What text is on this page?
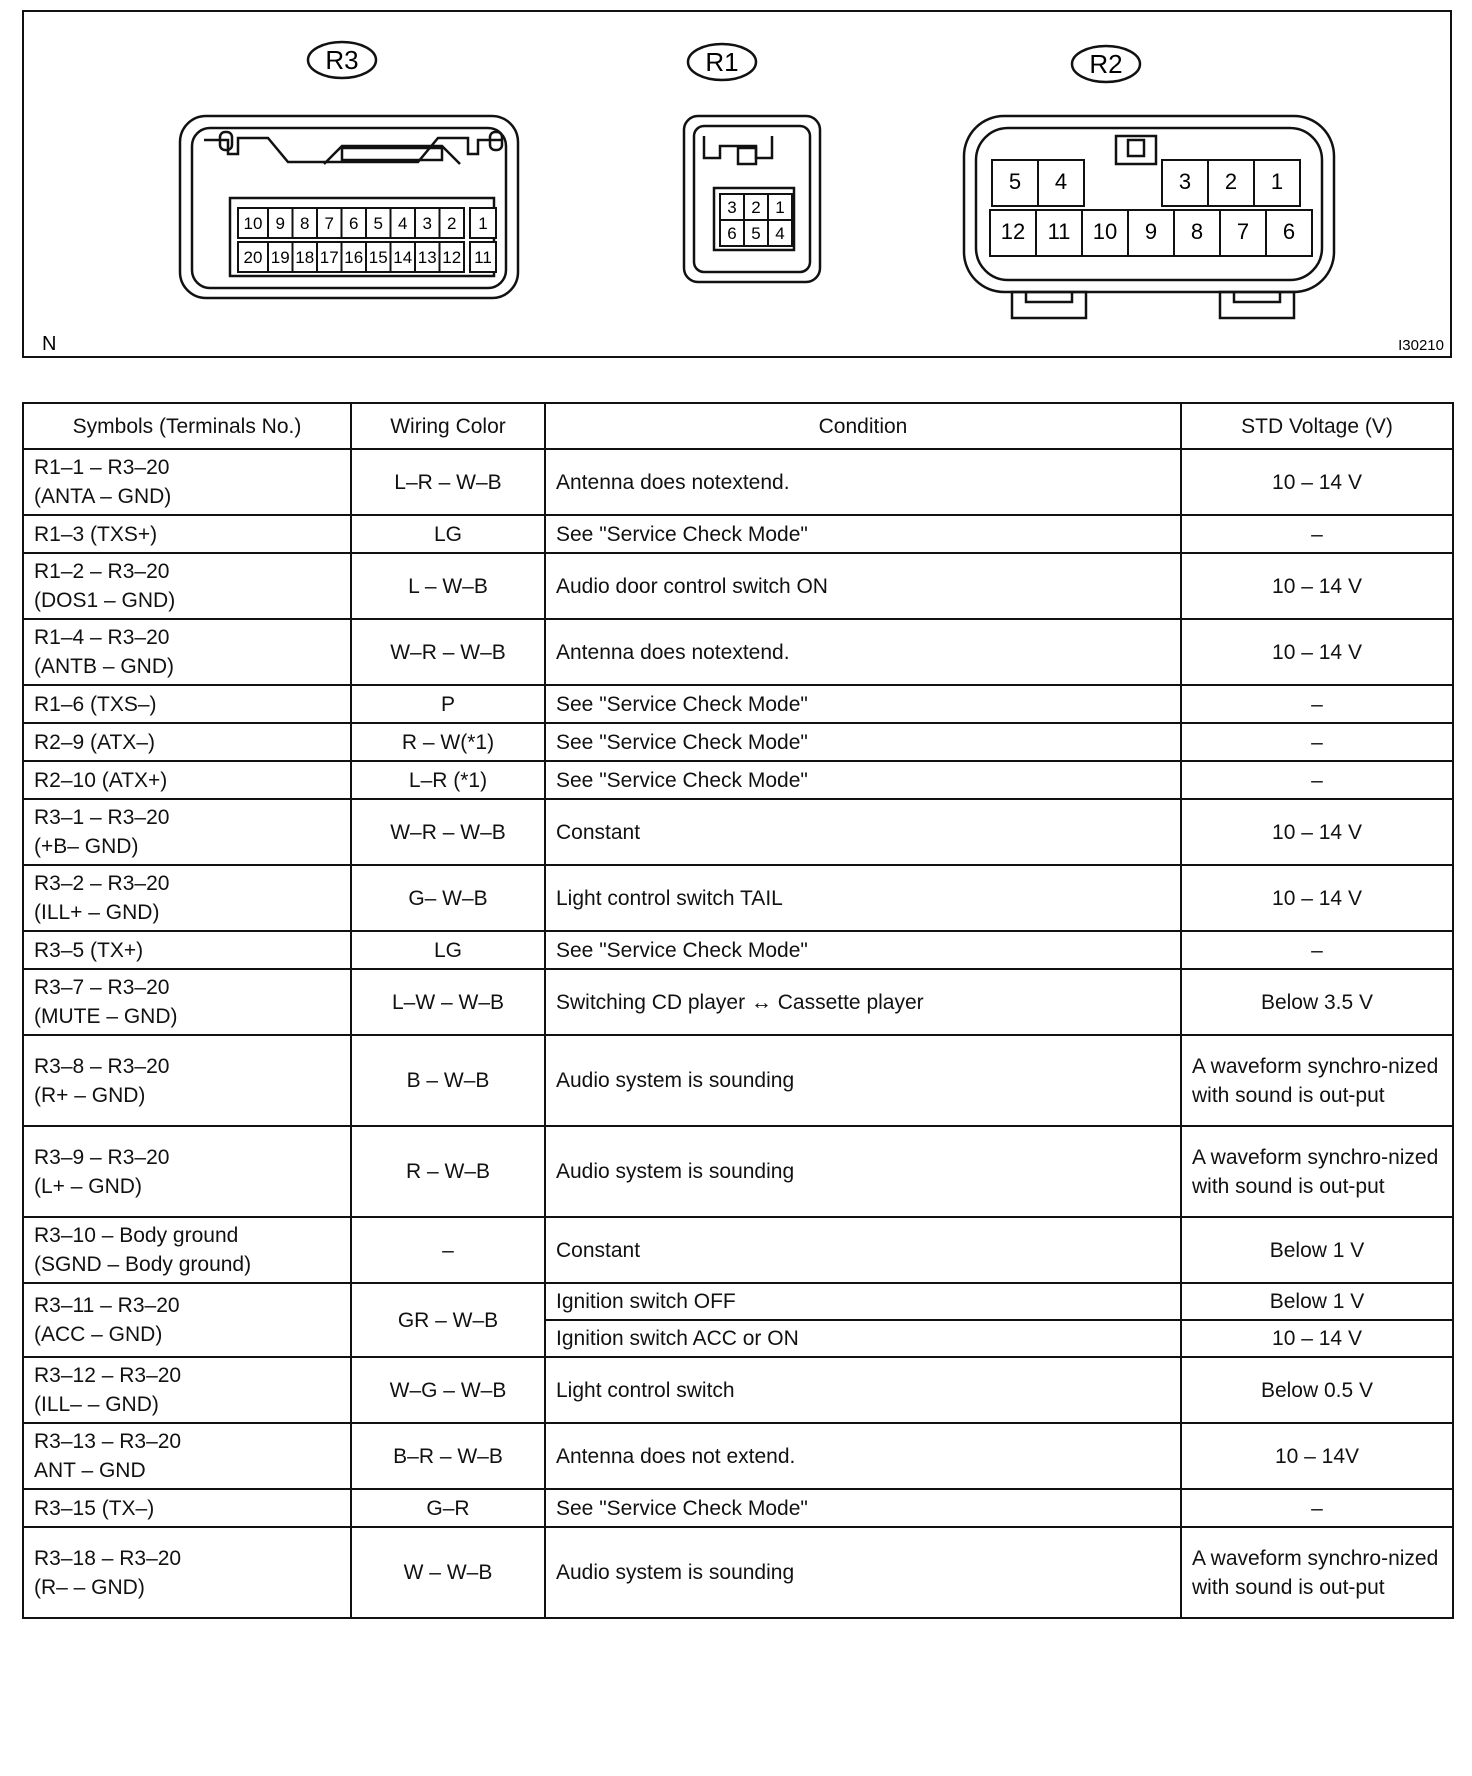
10 9 8 7 6 5 4 3 2 1
20 19 18 17 16 15 14 13 12 11
3 2 1
6 5 4
5 4	3 2 1
12 11 10 9 8 7 6
R3	R1	R2
N	I30210
Symbols (Terminals No.)	Wiring Color	Condition	STD Voltage (V)

R1–1 – R3–20
(ANTA – GND)	L–R – W–B	Antenna does notextend.	10 – 14 V

R1–3 (TXS+)	LG	See "Service Check Mode"	–

R1–2 – R3–20
(DOS1 – GND)	L – W–B	Audio door control switch ON	10 – 14 V

R1–4 – R3–20
(ANTB – GND)	W–R – W–B	Antenna does notextend.	10 – 14 V

R1–6 (TXS–)	P	See "Service Check Mode"	–

R2–9 (ATX–)	R – W(*1)	See "Service Check Mode"	–

R2–10 (ATX+)	L–R (*1)	See "Service Check Mode"	–

R3–1 – R3–20
(+B– GND)	W–R – W–B	Constant	10 – 14 V

R3–2 – R3–20
(ILL+ – GND)	G– W–B	Light control switch TAIL	10 – 14 V

R3–5 (TX+)	LG	See "Service Check Mode"	–

R3–7 – R3–20
(MUTE – GND)	L–W – W–B	Switching CD player ↔ Cassette player	Below 3.5 V

R3–8 – R3–20
(R+ – GND)	B – W–B	Audio system is sounding	A waveform synchro-nized with sound is out-put

R3–9 – R3–20
(L+ – GND)	R – W–B	Audio system is sounding	A waveform synchro-nized with sound is out-put

R3–10 – Body ground
(SGND – Body ground)	–	Constant	Below 1 V

R3–11 – R3–20
(ACC – GND)	GR – W–B	Ignition switch OFF	Below 1 V
		Ignition switch ACC or ON	10 – 14 V

R3–12 – R3–20
(ILL– – GND)	W–G – W–B	Light control switch	Below 0.5 V

R3–13 – R3–20
ANT – GND	B–R – W–B	Antenna does not extend.	10 – 14V

R3–15 (TX–)	G–R	See "Service Check Mode"	–

R3–18 – R3–20
(R– – GND)	W – W–B	Audio system is sounding	A waveform synchro-nized with sound is out-put
